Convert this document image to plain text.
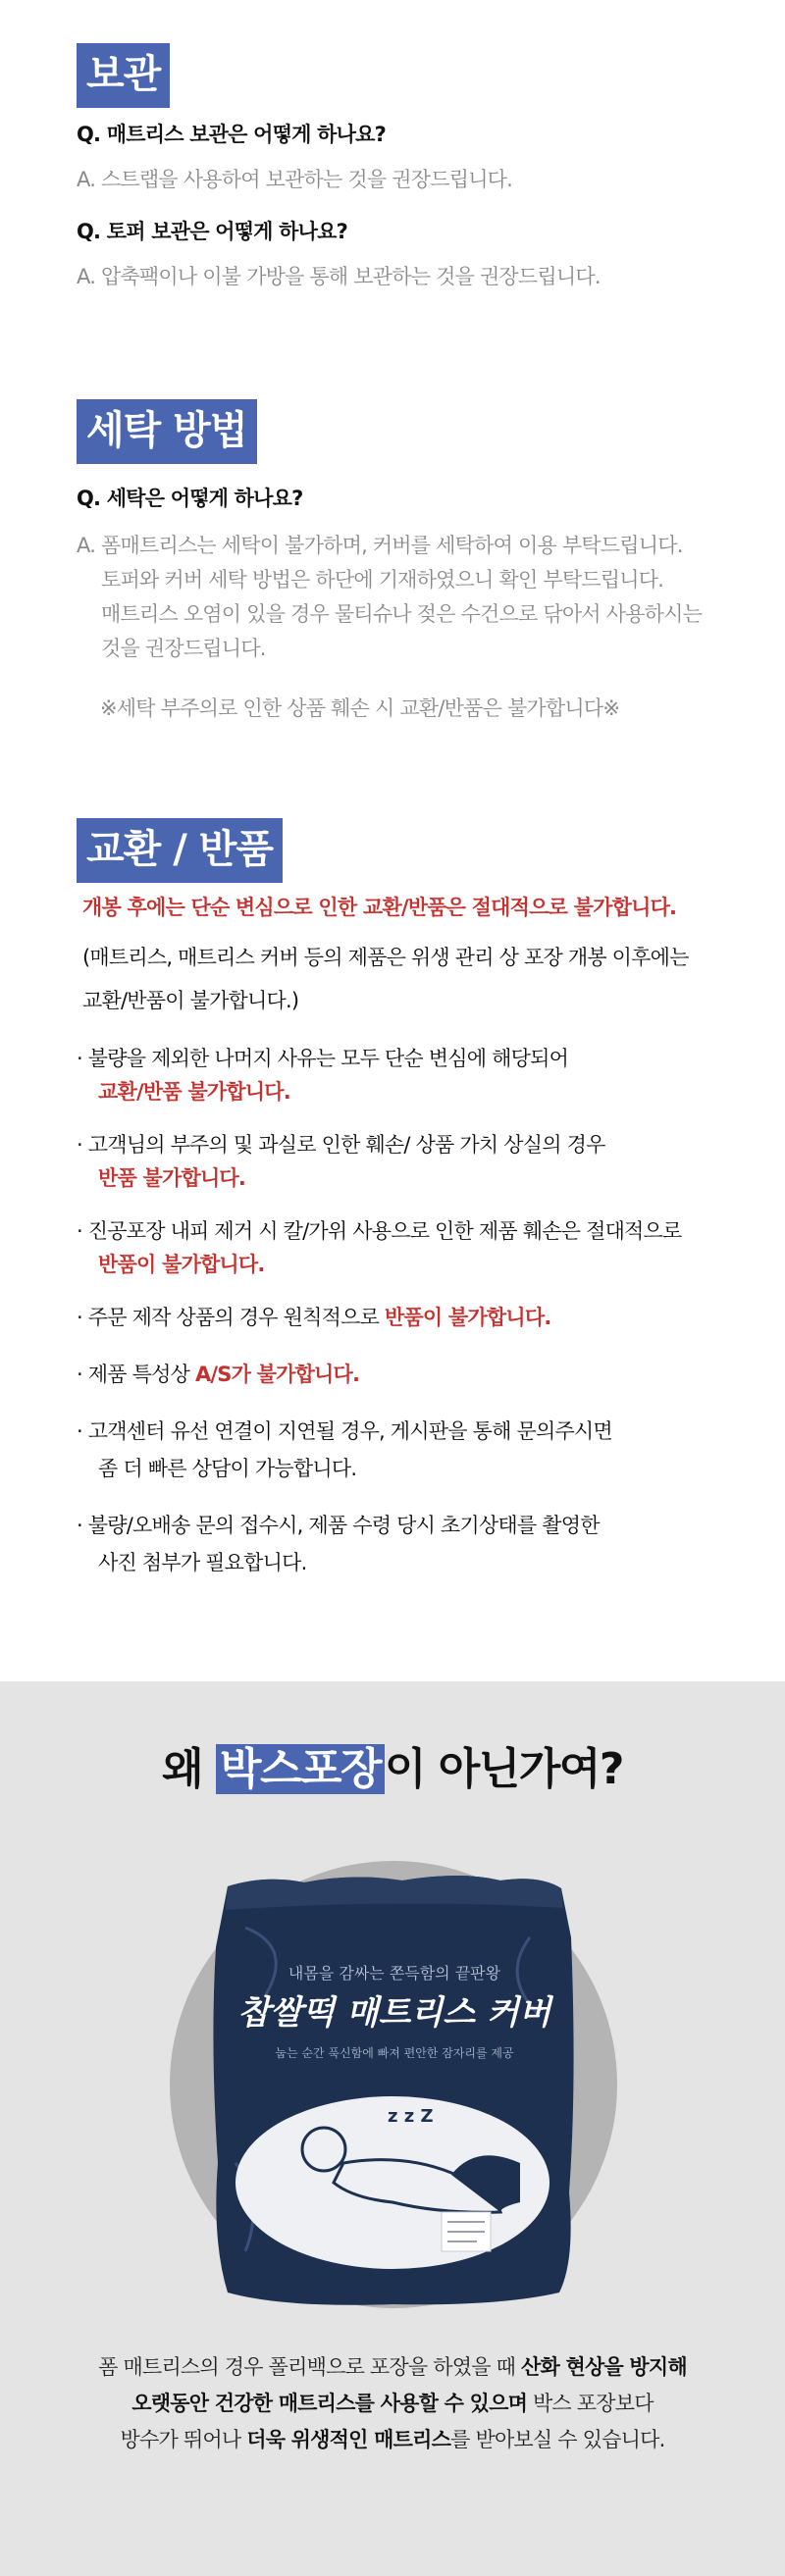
보관
Q. 매트리스 보관은 어떻게 하나요?
A. 스트랩을 사용하여 보관하는 것을 권장드립니다.
Q. 토퍼 보관은 어떻게 하나요?
A. 압축팩이나 이불 가방을 통해 보관하는 것을 권장드립니다.
세탁 방법
Q. 세탁은 어떻게 하나요?
A. 폼매트리스는 세탁이 불가하며, 커버를 세탁하여 이용 부탁드립니다.
토퍼와 커버 세탁 방법은 하단에 기재하였으니 확인 부탁드립니다.
매트리스 오염이 있을 경우 물티슈나 젖은 수건으로 닦아서 사용하시는
것을 권장드립니다.
※세탁 부주의로 인한 상품 훼손 시 교환/반품은 불가합니다※
교환 / 반품
개봉 후에는 단순 변심으로 인한 교환/반품은 절대적으로 불가합니다.
(매트리스, 매트리스 커버 등의 제품은 위생 관리 상 포장 개봉 이후에는
교환/반품이 불가합니다.)
· 불량을 제외한 나머지 사유는 모두 단순 변심에 해당되어
교환/반품 불가합니다.
· 고객님의 부주의 및 과실로 인한 훼손/ 상품 가치 상실의 경우
반품 불가합니다.
· 진공포장 내피 제거 시 칼/가위 사용으로 인한 제품 훼손은 절대적으로
반품이 불가합니다.
· 주문 제작 상품의 경우 원칙적으로 반품이 불가합니다.
· 제품 특성상 A/S가 불가합니다.
· 고객센터 유선 연결이 지연될 경우, 게시판을 통해 문의주시면
좀 더 빠른 상담이 가능합니다.
· 불량/오배송 문의 접수시, 제품 수령 당시 초기상태를 촬영한
사진 첨부가 필요합니다.
왜 박스포장이 아닌가여?
내몸을 감싸는 쫀득함의 끝판왕
찹쌀떡 매트리스 커버
눕는 순간 푹신함에 빠져 편안한 잠자리를 제공
z z Z
폼 매트리스의 경우 폴리백으로 포장을 하였을 때 산화 현상을 방지해
오랫동안 건강한 매트리스를 사용할 수 있으며 박스 포장보다
방수가 뛰어나 더욱 위생적인 매트리스를 받아보실 수 있습니다.
